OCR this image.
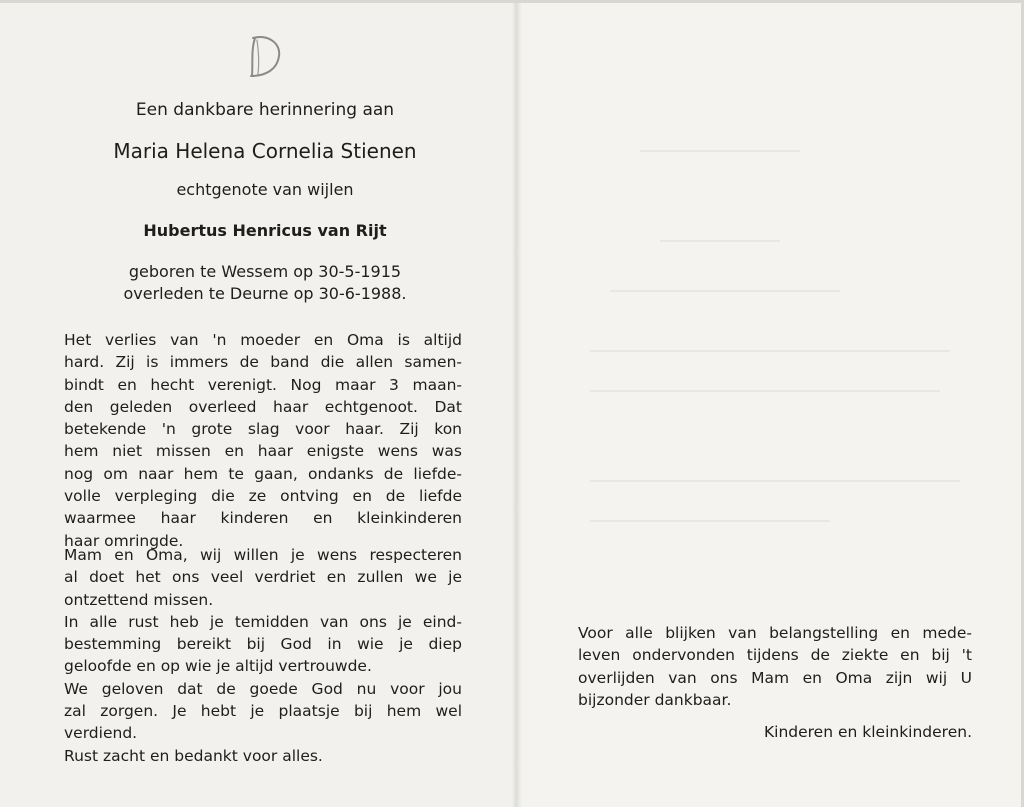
Een dankbare herinnering aan
Maria Helena Cornelia Stienen
echtgenote van wijlen
Hubertus Henricus van Rijt
geboren te Wessem op 30-5-1915
overleden te Deurne op 30-6-1988.
Het verlies van 'n moeder en Oma is altijd
hard. Zij is immers de band die allen samen-
bindt en hecht verenigt. Nog maar 3 maan-
den geleden overleed haar echtgenoot. Dat
betekende 'n grote slag voor haar. Zij kon
hem niet missen en haar enigste wens was
nog om naar hem te gaan, ondanks de liefde-
volle verpleging die ze ontving en de liefde
waarmee haar kinderen en kleinkinderen
haar omringde.
Mam en Oma, wij willen je wens respecteren
al doet het ons veel verdriet en zullen we je
ontzettend missen.
In alle rust heb je temidden van ons je eind-
bestemming bereikt bij God in wie je diep
geloofde en op wie je altijd vertrouwde.
We geloven dat de goede God nu voor jou
zal zorgen. Je hebt je plaatsje bij hem wel
verdiend.
Rust zacht en bedankt voor alles.
Voor alle blijken van belangstelling en mede-
leven ondervonden tijdens de ziekte en bij 't
overlijden van ons Mam en Oma zijn wij U
bijzonder dankbaar.
Kinderen en kleinkinderen.
